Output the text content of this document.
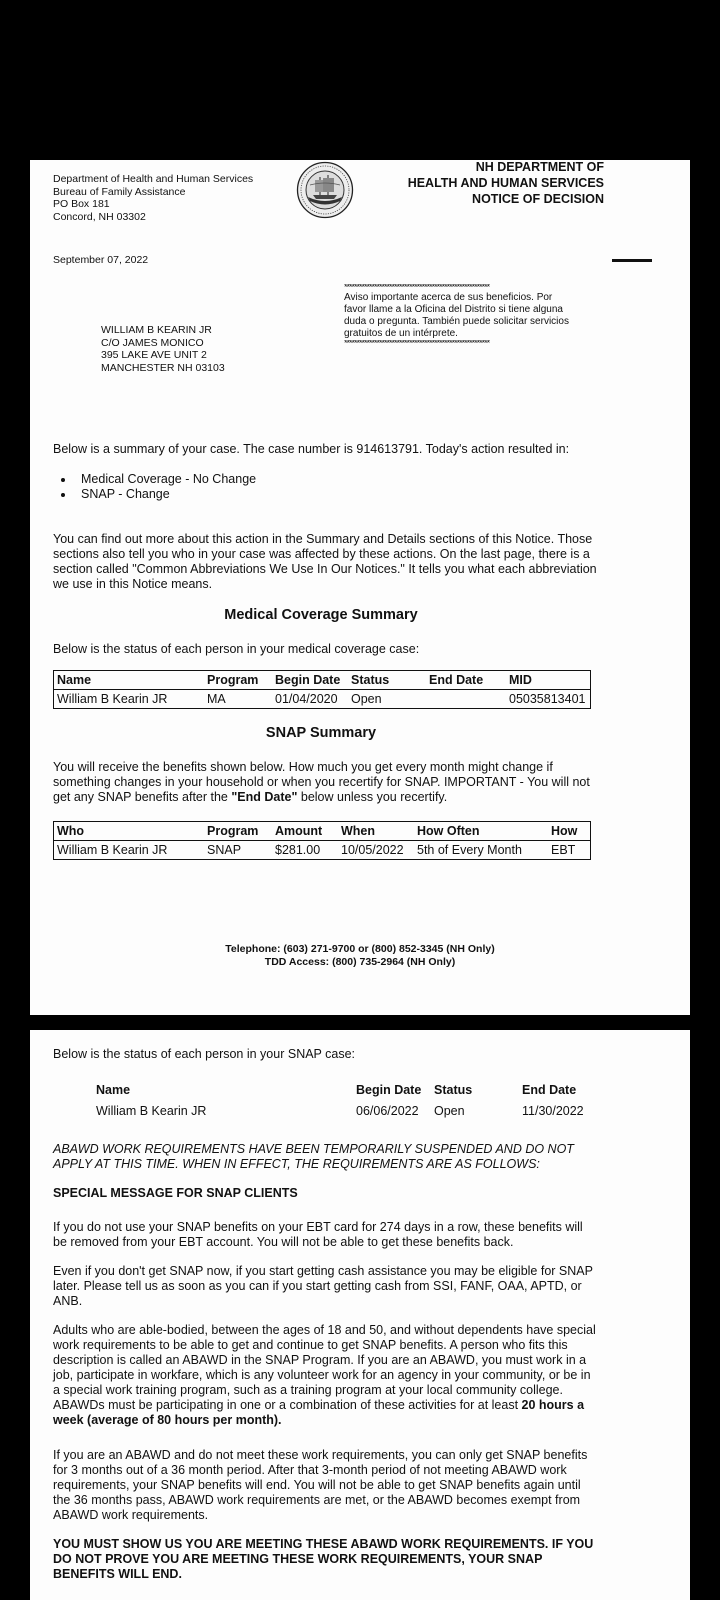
Department of Health and Human Services
Bureau of Family Assistance
PO Box 181
Concord, NH 03302
NH DEPARTMENT OF
HEALTH AND HUMAN SERVICES
NOTICE OF DECISION
September 07, 2022
**********************************************************
Aviso importante acerca de sus beneficios. Por
favor llame a la Oficina del Distrito si tiene alguna
duda o pregunta. También puede solicitar servicios
gratuitos de un intérprete.
**********************************************************
WILLIAM B KEARIN JR
C/O JAMES MONICO
395 LAKE AVE UNIT 2
MANCHESTER NH 03103
Below is a summary of your case. The case number is 914613791. Today's action resulted in:
• Medical Coverage - No Change
• SNAP - Change

You can find out more about this action in the Summary and Details sections of this Notice. Those sections also tell you who in your case was affected by these actions. On the last page, there is a section called "Common Abbreviations We Use In Our Notices." It tells you what each abbreviation we use in this Notice means.

Medical Coverage Summary
Below is the status of each person in your medical coverage case:
Name	Program	Begin Date	Status	End Date	MID
William B Kearin JR	MA	01/04/2020	Open		05035813401
SNAP Summary

You will receive the benefits shown below. How much you get every month might change if something changes in your household or when you recertify for SNAP. IMPORTANT - You will not get any SNAP benefits after the "End Date" below unless you recertify.

Who	Program	Amount	When	How Often	How
William B Kearin JR	SNAP	$281.00	10/05/2022	5th of Every Month	EBT
Telephone: (603) 271-9700 or (800) 852-3345 (NH Only)
TDD Access: (800) 735-2964 (NH Only)
Below is the status of each person in your SNAP case:
Name	Begin Date	Status	End Date
William B Kearin JR	06/06/2022	Open	11/30/2022

ABAWD WORK REQUIREMENTS HAVE BEEN TEMPORARILY SUSPENDED AND DO NOT APPLY AT THIS TIME. WHEN IN EFFECT, THE REQUIREMENTS ARE AS FOLLOWS:

SPECIAL MESSAGE FOR SNAP CLIENTS

If you do not use your SNAP benefits on your EBT card for 274 days in a row, these benefits will be removed from your EBT account. You will not be able to get these benefits back.

Even if you don't get SNAP now, if you start getting cash assistance you may be eligible for SNAP later. Please tell us as soon as you can if you start getting cash from SSI, FANF, OAA, APTD, or ANB.

Adults who are able-bodied, between the ages of 18 and 50, and without dependents have special work requirements to be able to get and continue to get SNAP benefits. A person who fits this description is called an ABAWD in the SNAP Program. If you are an ABAWD, you must work in a job, participate in workfare, which is any volunteer work for an agency in your community, or be in a special work training program, such as a training program at your local community college. ABAWDs must be participating in one or a combination of these activities for at least 20 hours a week (average of 80 hours per month).

If you are an ABAWD and do not meet these work requirements, you can only get SNAP benefits for 3 months out of a 36 month period. After that 3-month period of not meeting ABAWD work requirements, your SNAP benefits will end. You will not be able to get SNAP benefits again until the 36 months pass, ABAWD work requirements are met, or the ABAWD becomes exempt from ABAWD work requirements.

YOU MUST SHOW US YOU ARE MEETING THESE ABAWD WORK REQUIREMENTS. IF YOU DO NOT PROVE YOU ARE MEETING THESE WORK REQUIREMENTS, YOUR SNAP BENEFITS WILL END.
